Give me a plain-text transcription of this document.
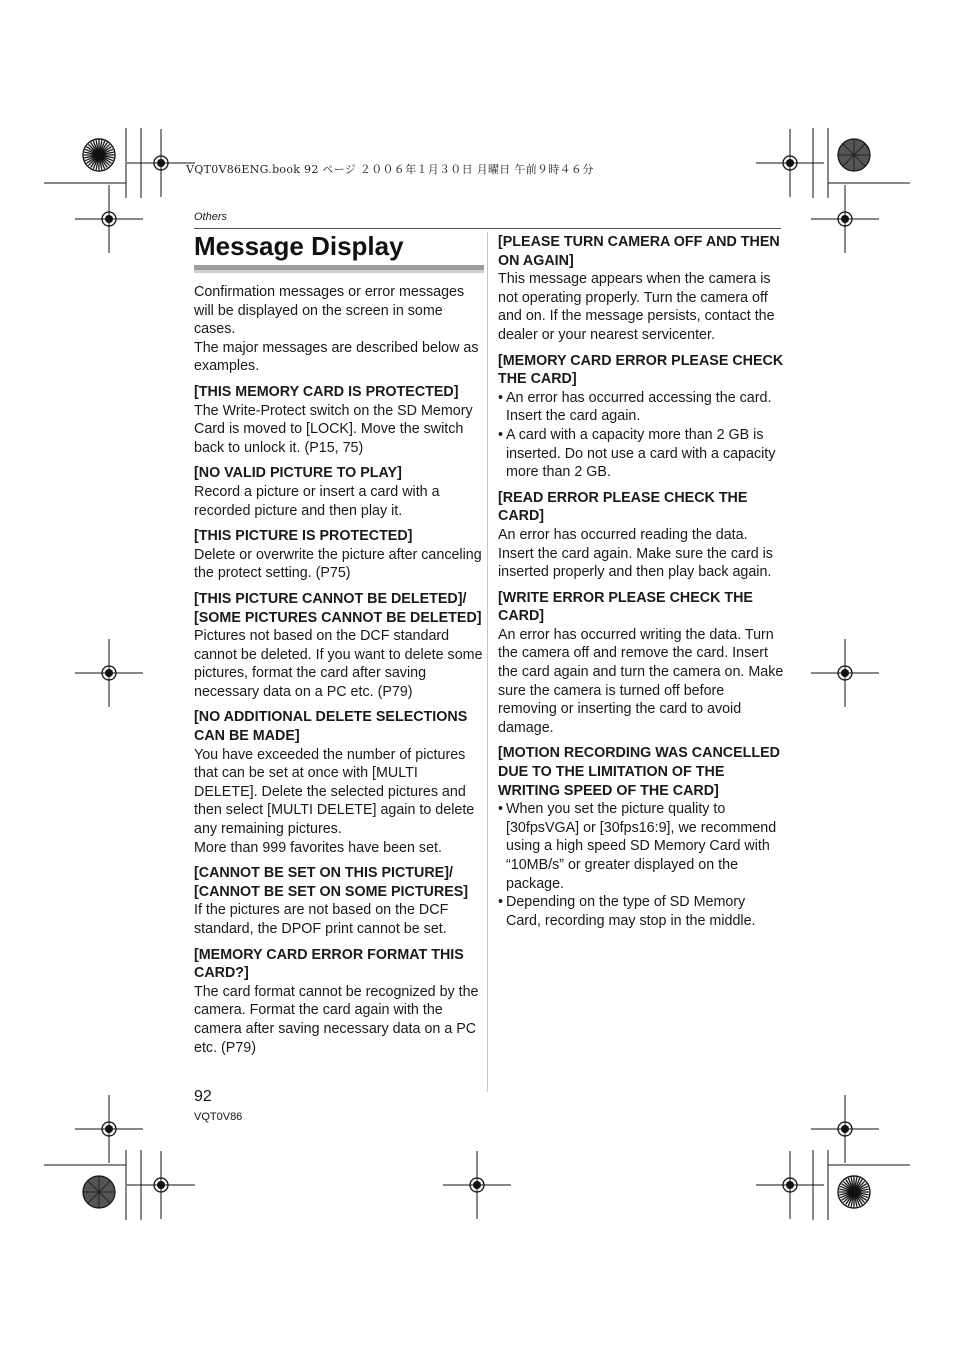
VQT0V86ENG.book 92 ページ ２００６年１月３０日 月曜日 午前９時４６分
Others
Message Display

Confirmation messages or error messages will be displayed on the screen in some cases.

The major messages are described below as examples.

[THIS MEMORY CARD IS PROTECTED]

The Write-Protect switch on the SD Memory Card is moved to [LOCK]. Move the switch back to unlock it. (P15, 75)

[NO VALID PICTURE TO PLAY]

Record a picture or insert a card with a recorded picture and then play it.

[THIS PICTURE IS PROTECTED]

Delete or overwrite the picture after canceling the protect setting. (P75)

[THIS PICTURE CANNOT BE DELETED]/ [SOME PICTURES CANNOT BE DELETED]

Pictures not based on the DCF standard cannot be deleted. If you want to delete some pictures, format the card after saving necessary data on a PC etc. (P79)

[NO ADDITIONAL DELETE SELECTIONS CAN BE MADE]

You have exceeded the number of pictures that can be set at once with [MULTI DELETE]. Delete the selected pictures and then select [MULTI DELETE] again to delete any remaining pictures.

More than 999 favorites have been set.

[CANNOT BE SET ON THIS PICTURE]/ [CANNOT BE SET ON SOME PICTURES]

If the pictures are not based on the DCF standard, the DPOF print cannot be set.

[MEMORY CARD ERROR FORMAT THIS CARD?]

The card format cannot be recognized by the camera. Format the card again with the camera after saving necessary data on a PC etc. (P79)

[PLEASE TURN CAMERA OFF AND THEN ON AGAIN]

This message appears when the camera is not operating properly. Turn the camera off and on. If the message persists, contact the dealer or your nearest servicenter.

[MEMORY CARD ERROR PLEASE CHECK THE CARD]
• An error has occurred accessing the card. Insert the card again.
• A card with a capacity more than 2 GB is inserted. Do not use a card with a capacity more than 2 GB.
[READ ERROR PLEASE CHECK THE CARD]

An error has occurred reading the data. Insert the card again. Make sure the card is inserted properly and then play back again.

[WRITE ERROR PLEASE CHECK THE CARD]

An error has occurred writing the data. Turn the camera off and remove the card. Insert the card again and turn the camera on. Make sure the camera is turned off before removing or inserting the card to avoid damage.

[MOTION RECORDING WAS CANCELLED DUE TO THE LIMITATION OF THE WRITING SPEED OF THE CARD]
• When you set the picture quality to [30fpsVGA] or [30fps16:9], we recommend using a high speed SD Memory Card with “10MB/s” or greater displayed on the package.
• Depending on the type of SD Memory Card, recording may stop in the middle.
92
VQT0V86
